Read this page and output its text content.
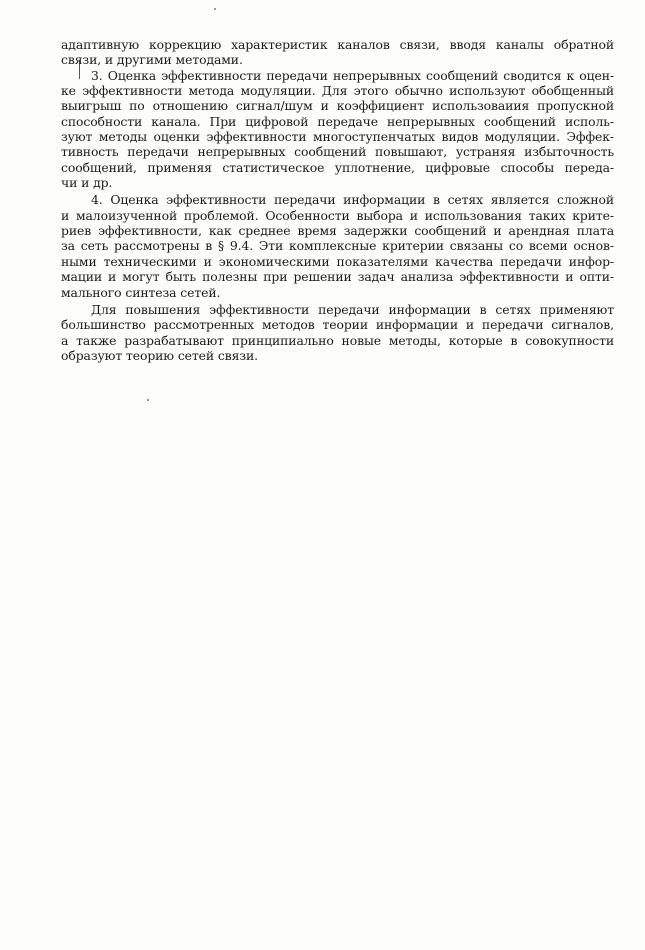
адаптивную коррекцию характеристик каналов связи, вводя каналы обратной
связи, и другими методами.
3. Оценка эффективности передачи непрерывных сообщений сводится к оцен-
ке эффективности метода модуляции. Для этого обычно используют обобщенный
выигрыш по отношению сигнал/шум и коэффициент использоваиия пропускной
способности канала. При цифровой передаче непрерывных сообщений исполь-
зуют методы оценки эффективности многоступенчатых видов модуляции. Эффек-
тивность передачи непрерывных сообщений повышают, устраняя избыточность
сообщений, применяя статистическое уплотнение, цифровые способы переда-
чи и др.
4. Оценка эффективности передачи информации в сетях является сложной
и малоизученной проблемой. Особенности выбора и использования таких крите-
риев эффективности, как среднее время задержки сообщений и арендная плата
за сеть рассмотрены в § 9.4. Эти комплексные критерии связаны со всеми основ-
ными техническими и экономическими показателями качества передачи инфор-
мации и могут быть полезны при решении задач анализа эффективности и опти-
мального синтеза сетей.
Для повышения эффективности передачи информации в сетях применяют
большинство рассмотренных методов теории информации и передачи сигналов,
а также разрабатывают принципиально новые методы, которые в совокупности
образуют теорию сетей связи.
